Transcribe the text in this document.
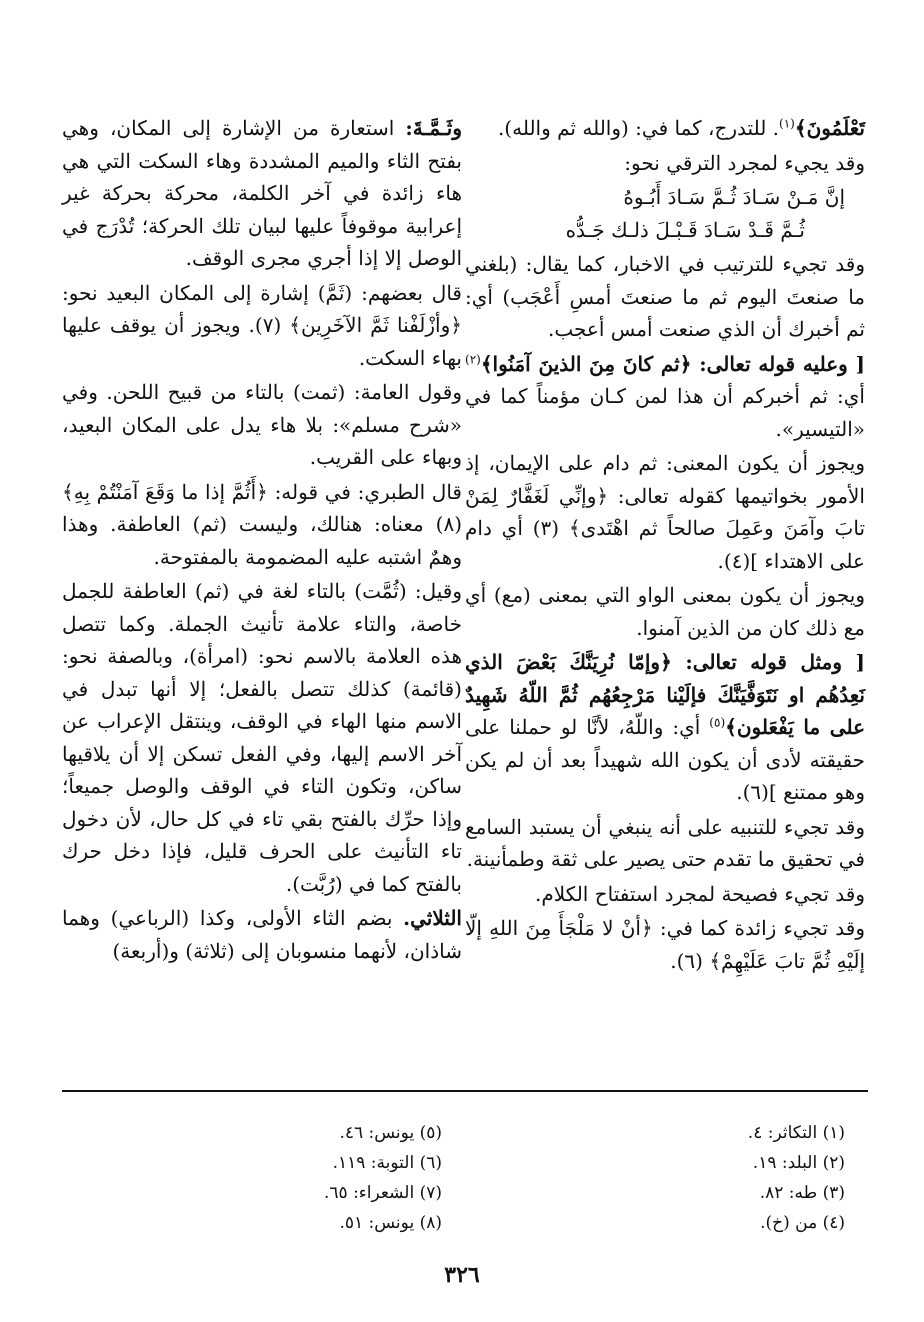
تَعْلَمُونَ﴾$^{(١)}$. للتدرج، كما في: (والله ثم والله).

وقد يجيء لمجرد الترقي نحو:

إنَّ مَـنْ سَـادَ ثُـمَّ سَـادَ أَبُـوهُ

ثُـمَّ قَـدْ سَـادَ قَـبْـلَ ذلـك جَـدُّه

وقد تجيء للترتيب في الاخبار، كما يقال: (بلغني ما صنعتَ اليوم ثم ما صنعتَ أمسِ أَعْجَب) أي: ثم أخبرك أن الذي صنعت أمس أعجب.

[ وعليه قوله تعالى: ﴿ثم كانَ مِنَ الذينَ آمَنُوا﴾$^{(٢)}$ أي: ثم أخبركم أن هذا لمن كـان مؤمناً كما في «التيسير».

ويجوز أن يكون المعنى: ثم دام على الإيمان، إذ الأمور بخواتيمها كقوله تعالى: ﴿وإنِّي لَغَفَّارٌ لِمَنْ تابَ وآمَنَ وعَمِلَ صالحاً ثم اهْتَدى﴾ (٣) أي دام على الاهتداء ](٤).

ويجوز أن يكون بمعنى الواو التي بمعنى (مع) أي مع ذلك كان من الذين آمنوا.

[ ومثل قوله تعالى: ﴿وإمّا نُرِيَنَّكَ بَعْضَ الذي نَعِدُهُم او نَتَوَفَّيَنَّكَ فإلَيْنا مَرْجِعُهُم ثُمَّ اللّهُ شَهِيدٌ على ما يَفْعَلون﴾$^{(٥)}$ أي: واللّهُ، لأنَّا لو حملنا على حقيقته لأدى أن يكون الله شهيداً بعد أن لم يكن وهو ممتنع ](٦).

وقد تجيء للتنبيه على أنه ينبغي أن يستبد السامع في تحقيق ما تقدم حتى يصير على ثقة وطمأنينة.

وقد تجيء فصيحة لمجرد استفتاح الكلام.

وقد تجيء زائدة كما في: ﴿أنْ لا مَلْجَأَ مِنَ اللهِ إلّا إلَيْهِ ثُمَّ تابَ عَلَيْهِمْ﴾ (٦).

وثَـمَّـةَ: استعارة من الإشارة إلى المكان، وهي بفتح الثاء والميم المشددة وهاء السكت التي هي هاء زائدة في آخر الكلمة، محركة بحركة غير إعرابية موقوفاً عليها لبيان تلك الحركة؛ تُدْرَج في الوصل إلا إذا أجري مجرى الوقف.

قال بعضهم: (ثَمَّ) إشارة إلى المكان البعيد نحو: ﴿وأزْلَفْنا ثَمَّ الآخَرِين﴾ (٧). ويجوز أن يوقف عليها بهاء السكت.

وقول العامة: (ثمت) بالتاء من قبيح اللحن. وفي «شرح مسلم»: بلا هاء يدل على المكان البعيد، وبهاء على القريب.

قال الطبري: في قوله: ﴿أَثُمَّ إذا ما وَقَعَ آمَنْتُمْ بِهِ﴾ (٨) معناه: هنالك، وليست (ثم) العاطفة. وهذا وهمٌ اشتبه عليه المضمومة بالمفتوحة.

وقيل: (ثُمَّت) بالتاء لغة في (ثم) العاطفة للجمل خاصة، والتاء علامة تأنيث الجملة. وكما تتصل هذه العلامة بالاسم نحو: (امرأة)، وبالصفة نحو: (قائمة) كذلك تتصل بالفعل؛ إلا أنها تبدل في الاسم منها الهاء في الوقف، وينتقل الإعراب عن آخر الاسم إليها، وفي الفعل تسكن إلا أن يلاقيها ساكن، وتكون التاء في الوقف والوصل جميعاً؛ وإذا حرِّك بالفتح بقي تاء في كل حال، لأن دخول تاء التأنيث على الحرف قليل، فإذا دخل حرك بالفتح كما في (رُبَّت).

الثلاثي. بضم الثاء الأولى، وكذا (الرباعي) وهما شاذان، لأنهما منسوبان إلى (ثلاثة) و(أربعة)

(١) التكاثر: ٤.
(٢) البلد: ١٩.
(٣) طه: ٨٢.
(٤) من (خ).
(٥) يونس: ٤٦.
(٦) التوبة: ١١٩.
(٧) الشعراء: ٦٥.
(٨) يونس: ٥١.
٣٢٦
